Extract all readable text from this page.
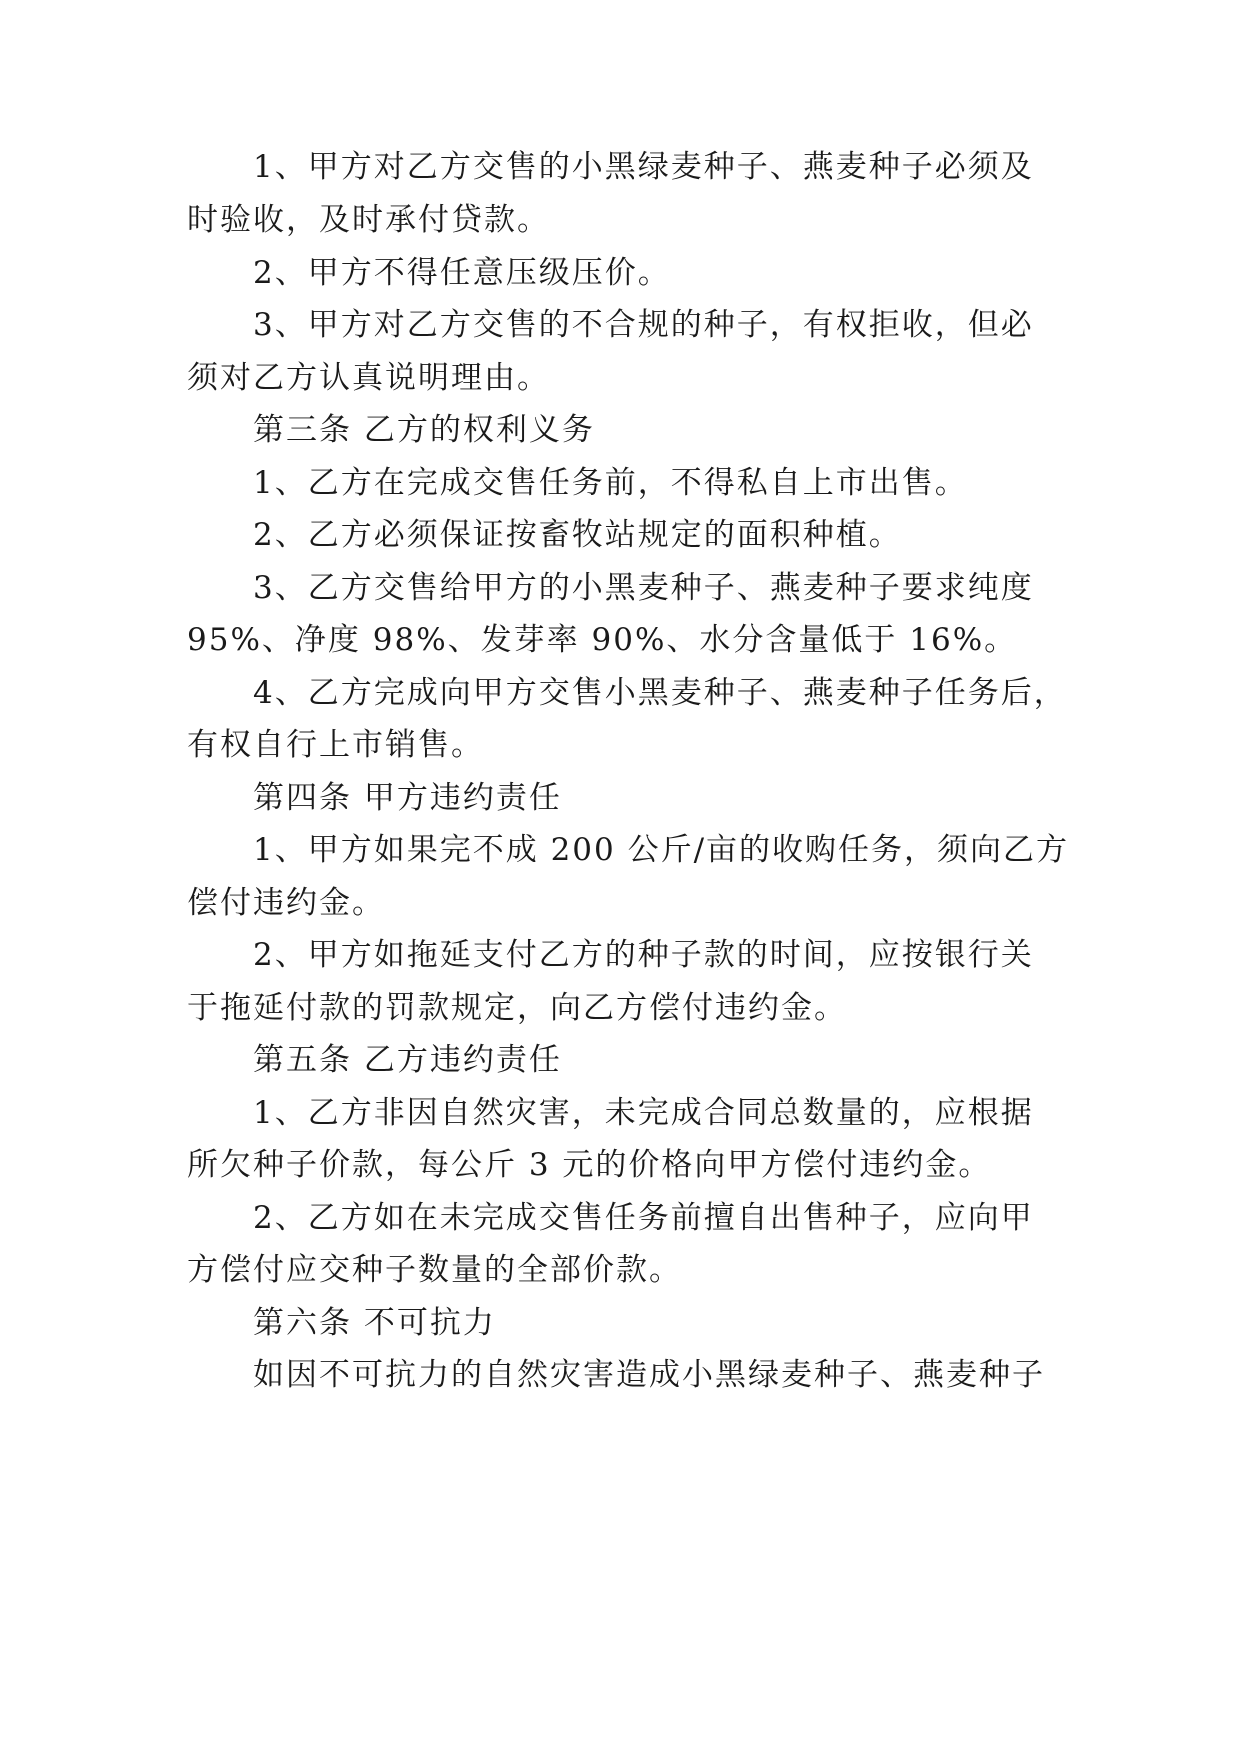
1、甲方对乙方交售的小黑绿麦种子、燕麦种子必须及
时验收，及时承付贷款。
2、甲方不得任意压级压价。
3、甲方对乙方交售的不合规的种子，有权拒收，但必
须对乙方认真说明理由。
第三条 乙方的权利义务
1、乙方在完成交售任务前，不得私自上市出售。
2、乙方必须保证按畜牧站规定的面积种植。
3、乙方交售给甲方的小黑麦种子、燕麦种子要求纯度
95%、净度 98%、发芽率 90%、水分含量低于 16%。
4、乙方完成向甲方交售小黑麦种子、燕麦种子任务后，
有权自行上市销售。
第四条 甲方违约责任
1、甲方如果完不成 200 公斤/亩的收购任务，须向乙方
偿付违约金。
2、甲方如拖延支付乙方的种子款的时间，应按银行关
于拖延付款的罚款规定，向乙方偿付违约金。
第五条 乙方违约责任
1、乙方非因自然灾害，未完成合同总数量的，应根据
所欠种子价款，每公斤 3 元的价格向甲方偿付违约金。
2、乙方如在未完成交售任务前擅自出售种子，应向甲
方偿付应交种子数量的全部价款。
第六条 不可抗力
如因不可抗力的自然灾害造成小黑绿麦种子、燕麦种子
